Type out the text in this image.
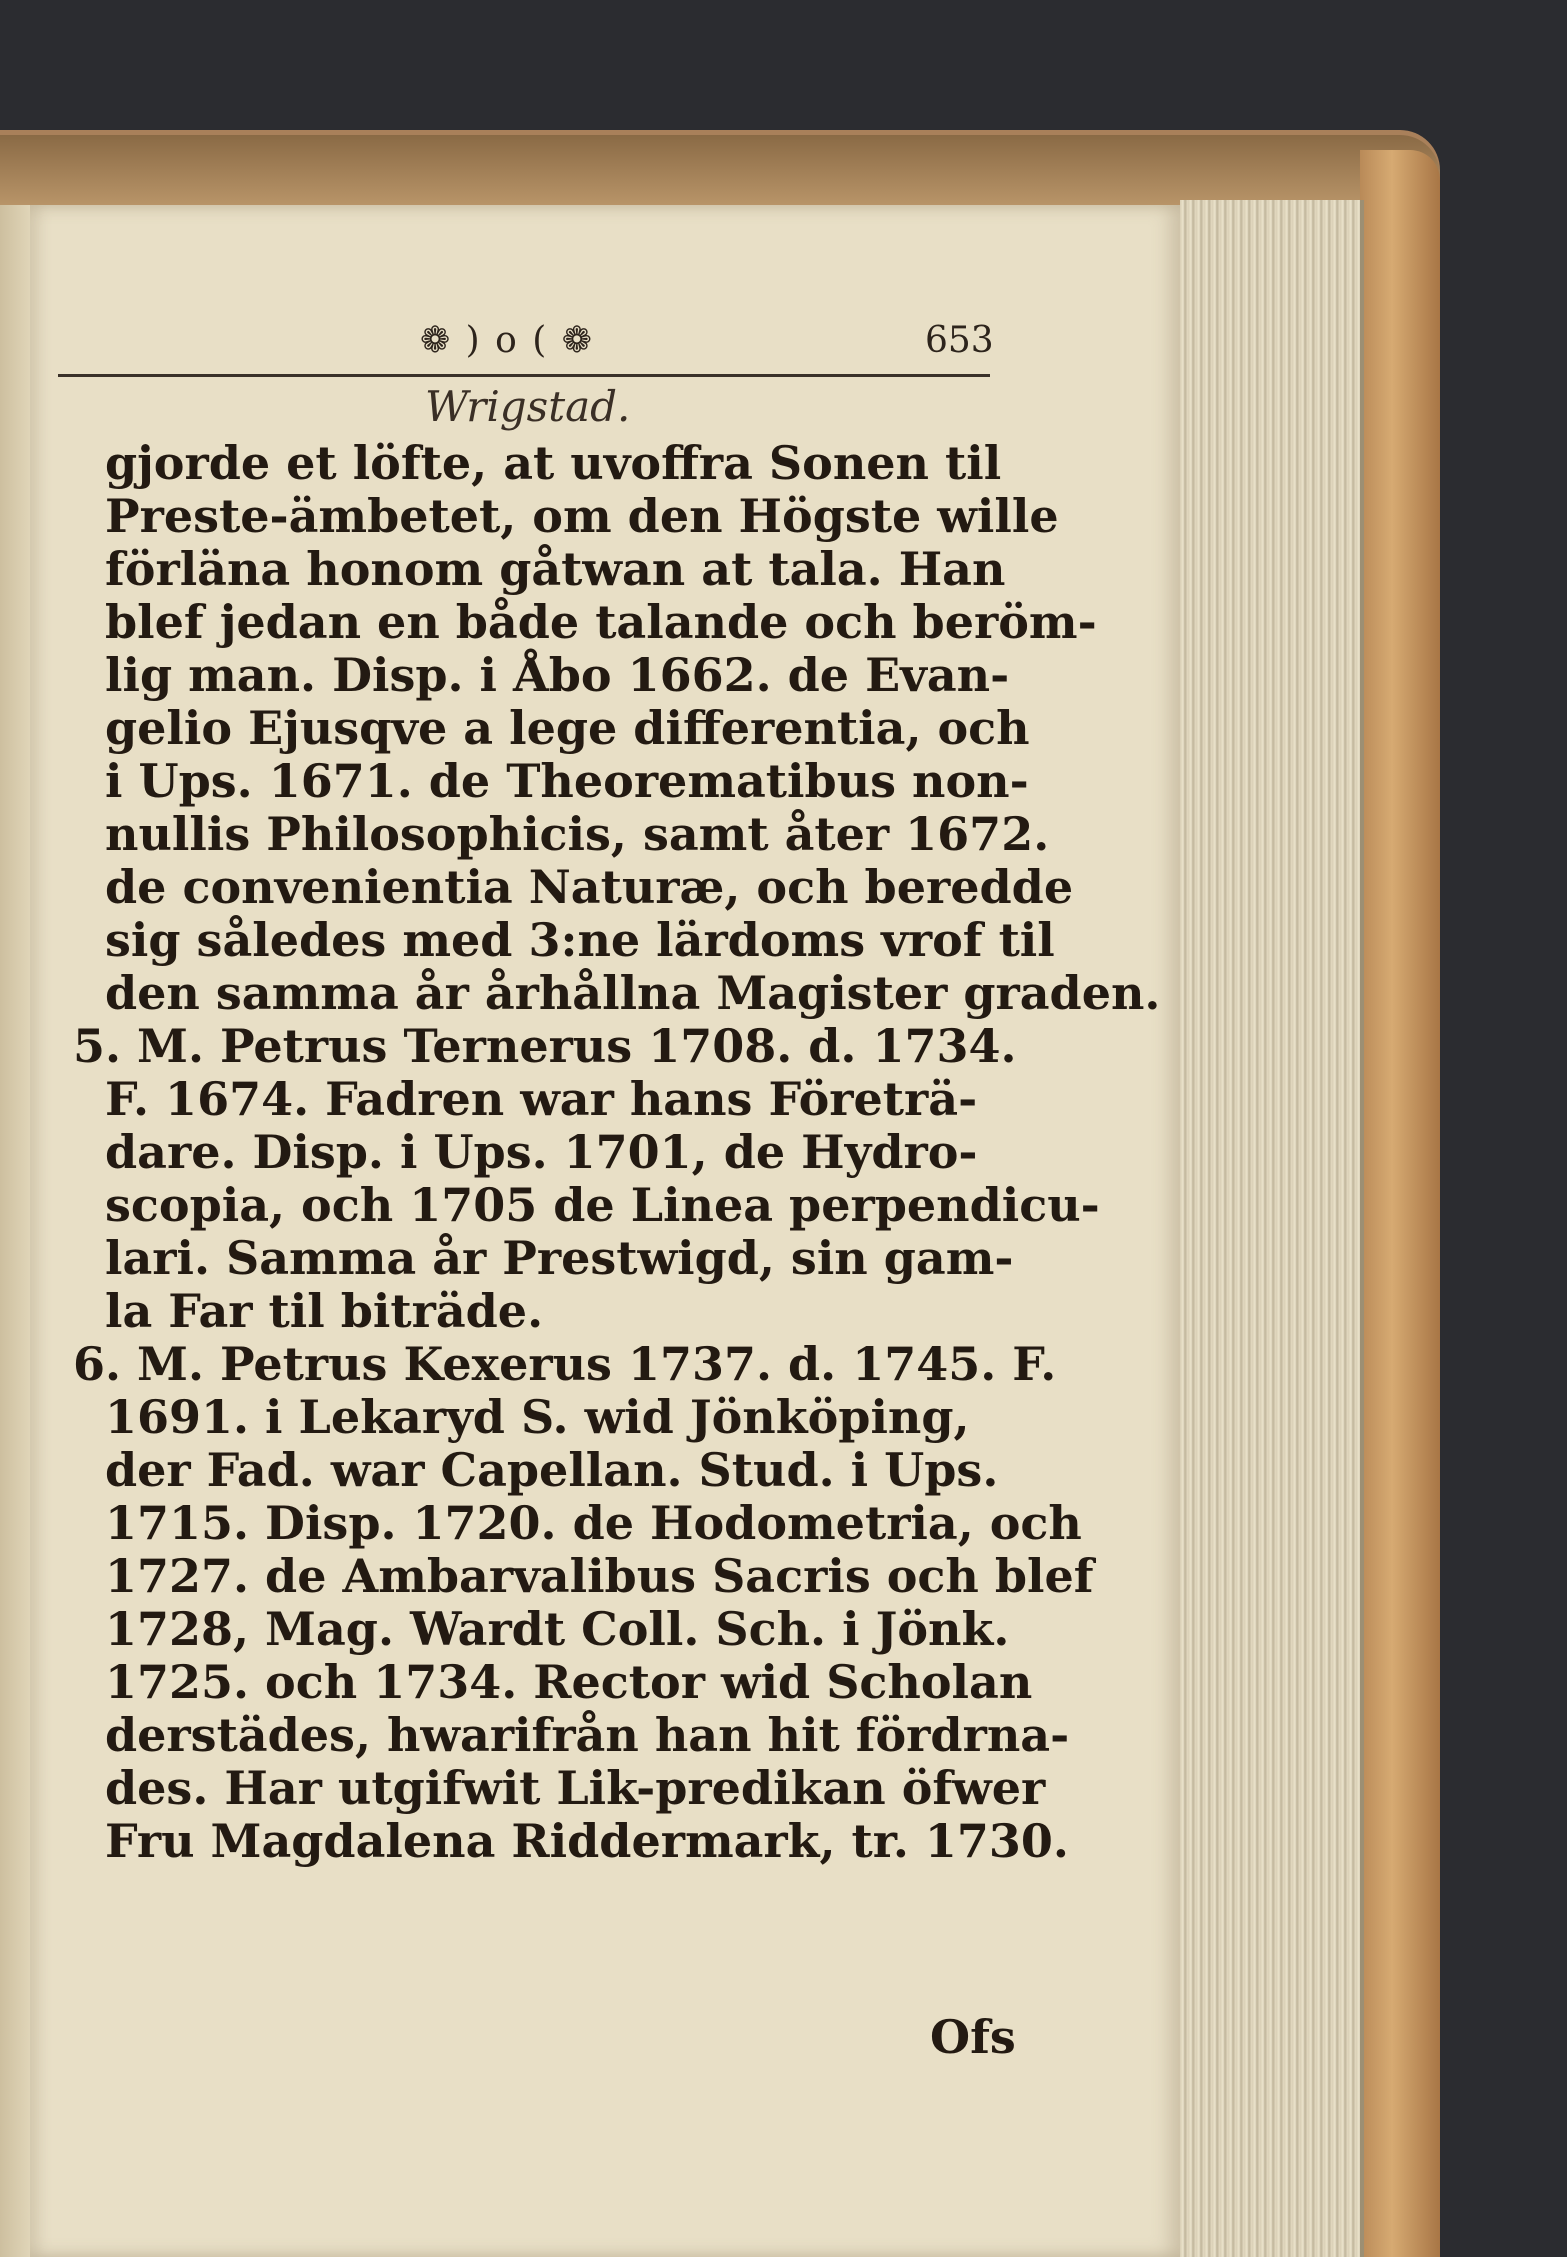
❁ ) o ( ❁	653
Wrigstad.
gjorde et löfte, at uvoffra Sonen til
Preste-ämbetet, om den Högste wille
förläna honom gåtwan at tala. Han
blef jedan en både talande och beröm-
lig man. Disp. i Åbo 1662. de Evan-
gelio Ejusqve a lege differentia, och
i Ups. 1671. de Theorematibus non-
nullis Philosophicis, samt åter 1672.
de convenientia Naturæ, och beredde
sig således med 3:ne lärdoms vrof til
den samma år århållna Magister graden.
5. M. Petrus Ternerus 1708. d. 1734.
F. 1674. Fadren war hans Företrä-
dare. Disp. i Ups. 1701, de Hydro-
scopia, och 1705 de Linea perpendicu-
lari. Samma år Prestwigd, sin gam-
la Far til biträde.
6. M. Petrus Kexerus 1737. d. 1745. F.
1691. i Lekaryd S. wid Jönköping,
der Fad. war Capellan. Stud. i Ups.
1715. Disp. 1720. de Hodometria, och
1727. de Ambarvalibus Sacris och blef
1728, Mag. Wardt Coll. Sch. i Jönk.
1725. och 1734. Rector wid Scholan
derstädes, hwarifrån han hit fördrna-
des. Har utgifwit Lik-predikan öfwer
Fru Magdalena Riddermark, tr. 1730.
Ofs
